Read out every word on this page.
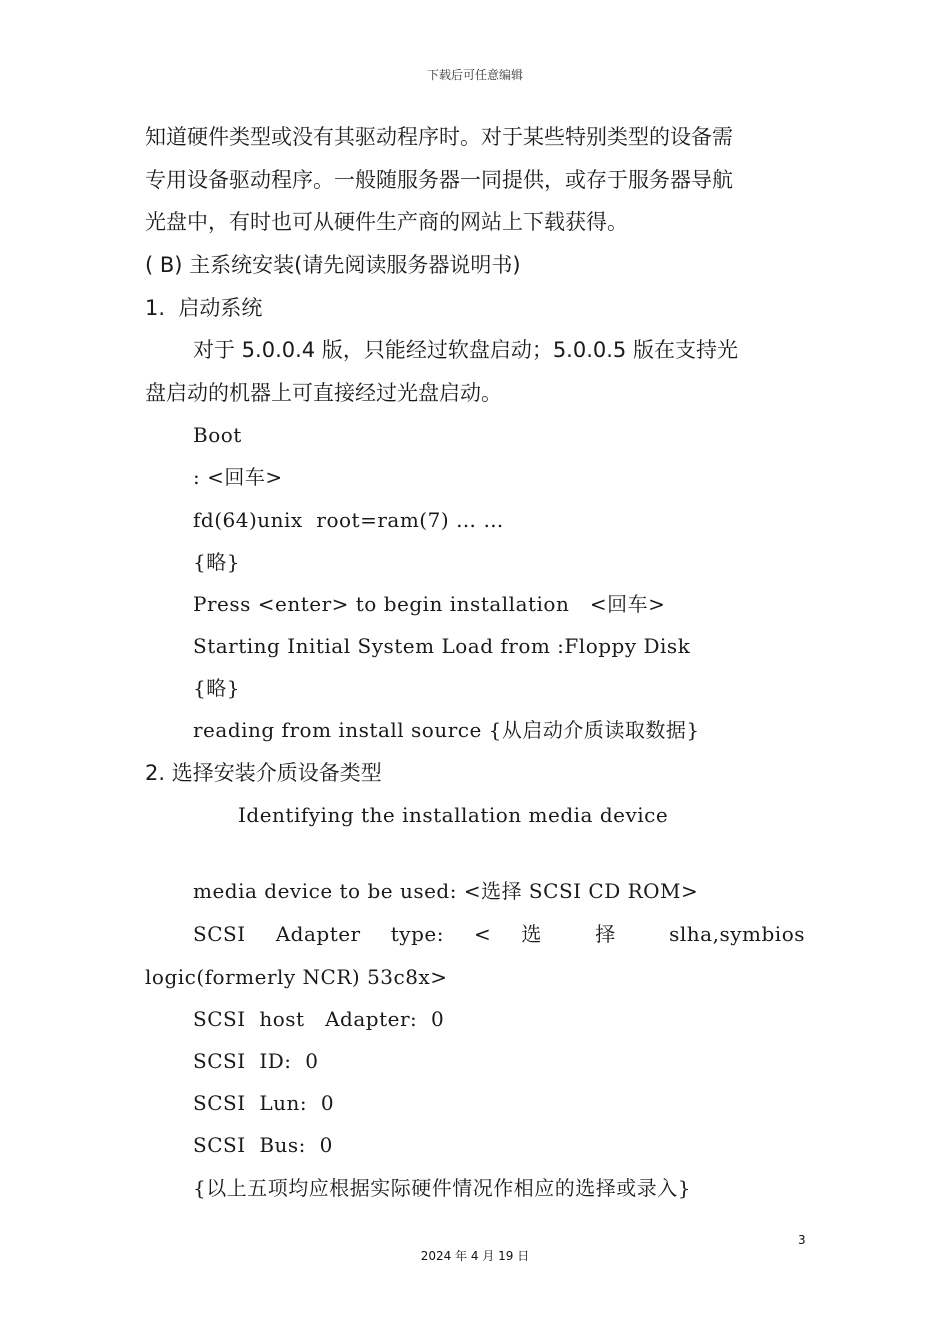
下载后可任意编辑
知道硬件类型或没有其驱动程序时。对于某些特别类型的设备需
专用设备驱动程序。一般随服务器一同提供，或存于服务器导航
光盘中，有时也可从硬件生产商的网站上下载获得。
( B) 主系统安装(请先阅读服务器说明书)
1.  启动系统
对于 5.0.0.4 版，只能经过软盘启动；5.0.0.5 版在支持光
盘启动的机器上可直接经过光盘启动。
Boot
: <回车>
fd(64)unix  root=ram(7) … …
{略}
Press <enter> to begin installation   <回车>
Starting Initial System Load from :Floppy Disk
{略}
reading from install source {从启动介质读取数据}
2. 选择安装介质设备类型
Identifying the installation media device
media device to be used: <选择 SCSI CD ROM>
SCSI Adapter type: < 选 择 slha,symbios
logic(formerly NCR) 53c8x>
SCSI  host   Adapter:  0
SCSI  ID:  0
SCSI  Lun:  0
SCSI  Bus:  0
{以上五项均应根据实际硬件情况作相应的选择或录入}
3
2024 年 4 月 19 日
